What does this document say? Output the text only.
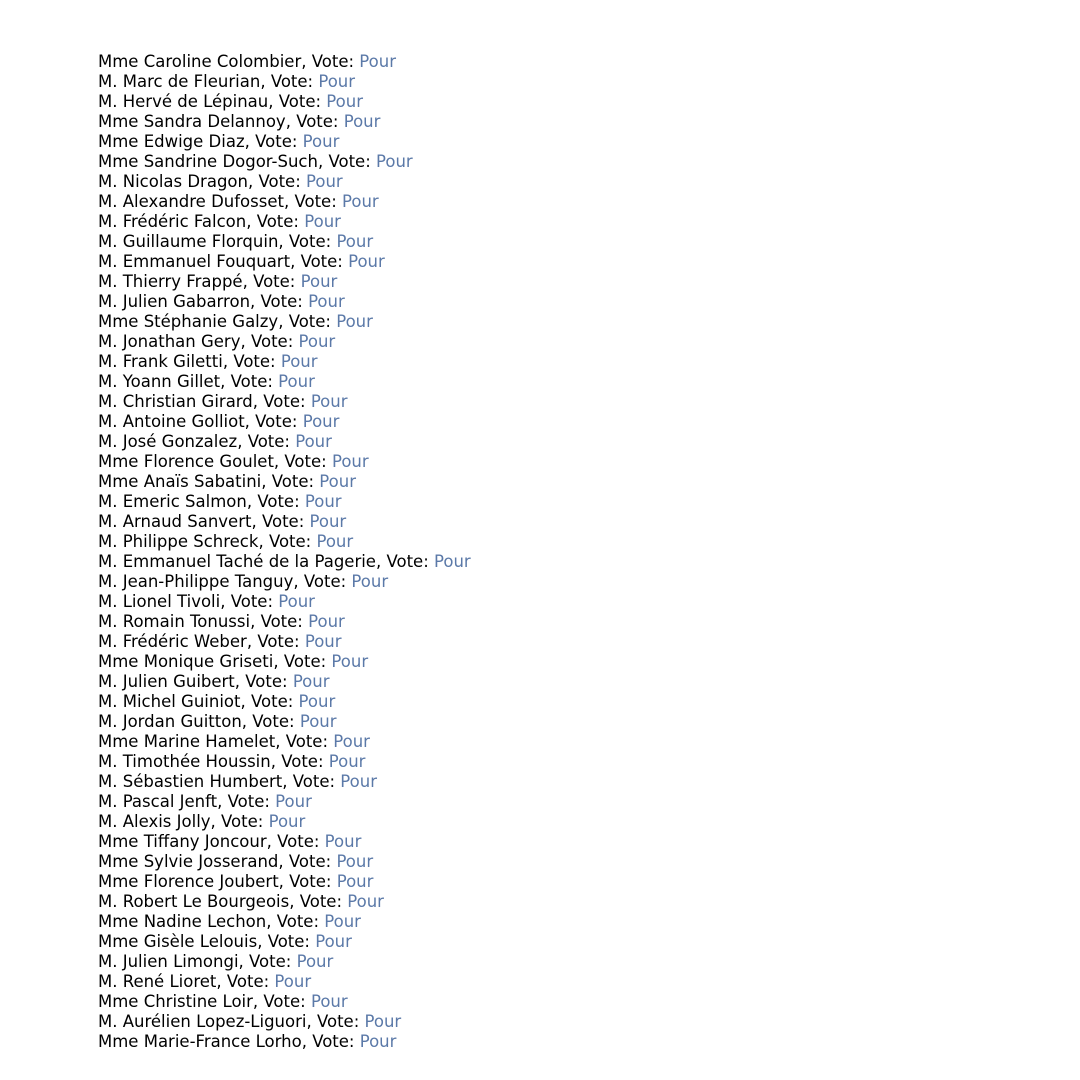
Mme Caroline Colombier, Vote: Pour
M. Marc de Fleurian, Vote: Pour
M. Hervé de Lépinau, Vote: Pour
Mme Sandra Delannoy, Vote: Pour
Mme Edwige Diaz, Vote: Pour
Mme Sandrine Dogor-Such, Vote: Pour
M. Nicolas Dragon, Vote: Pour
M. Alexandre Dufosset, Vote: Pour
M. Frédéric Falcon, Vote: Pour
M. Guillaume Florquin, Vote: Pour
M. Emmanuel Fouquart, Vote: Pour
M. Thierry Frappé, Vote: Pour
M. Julien Gabarron, Vote: Pour
Mme Stéphanie Galzy, Vote: Pour
M. Jonathan Gery, Vote: Pour
M. Frank Giletti, Vote: Pour
M. Yoann Gillet, Vote: Pour
M. Christian Girard, Vote: Pour
M. Antoine Golliot, Vote: Pour
M. José Gonzalez, Vote: Pour
Mme Florence Goulet, Vote: Pour
Mme Anaïs Sabatini, Vote: Pour
M. Emeric Salmon, Vote: Pour
M. Arnaud Sanvert, Vote: Pour
M. Philippe Schreck, Vote: Pour
M. Emmanuel Taché de la Pagerie, Vote: Pour
M. Jean-Philippe Tanguy, Vote: Pour
M. Lionel Tivoli, Vote: Pour
M. Romain Tonussi, Vote: Pour
M. Frédéric Weber, Vote: Pour
Mme Monique Griseti, Vote: Pour
M. Julien Guibert, Vote: Pour
M. Michel Guiniot, Vote: Pour
M. Jordan Guitton, Vote: Pour
Mme Marine Hamelet, Vote: Pour
M. Timothée Houssin, Vote: Pour
M. Sébastien Humbert, Vote: Pour
M. Pascal Jenft, Vote: Pour
M. Alexis Jolly, Vote: Pour
Mme Tiffany Joncour, Vote: Pour
Mme Sylvie Josserand, Vote: Pour
Mme Florence Joubert, Vote: Pour
M. Robert Le Bourgeois, Vote: Pour
Mme Nadine Lechon, Vote: Pour
Mme Gisèle Lelouis, Vote: Pour
M. Julien Limongi, Vote: Pour
M. René Lioret, Vote: Pour
Mme Christine Loir, Vote: Pour
M. Aurélien Lopez-Liguori, Vote: Pour
Mme Marie-France Lorho, Vote: Pour
